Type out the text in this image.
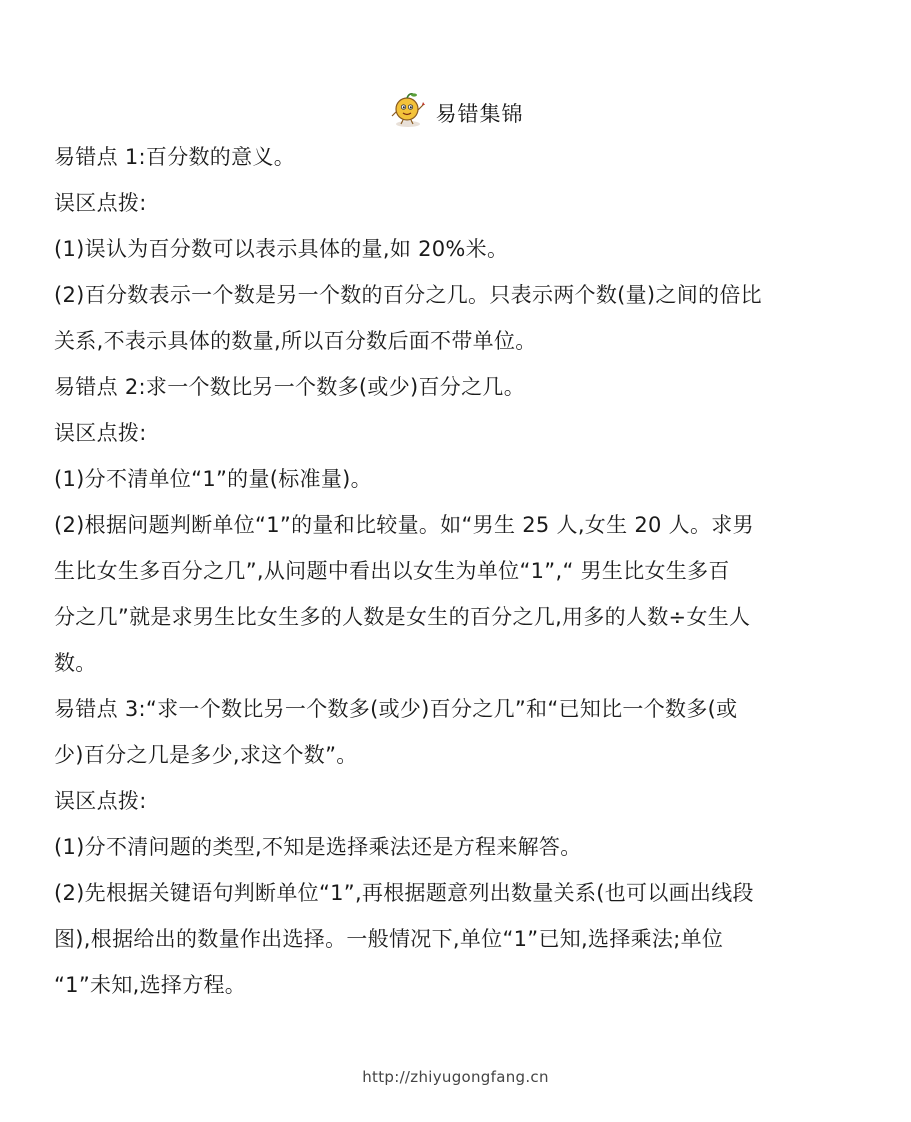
易错集锦
易错点 1:百分数的意义。
误区点拨:
(1)误认为百分数可以表示具体的量,如 20%米。
(2)百分数表示一个数是另一个数的百分之几。只表示两个数(量)之间的倍比
关系,不表示具体的数量,所以百分数后面不带单位。
易错点 2:求一个数比另一个数多(或少)百分之几。
误区点拨:
(1)分不清单位“1”的量(标准量)。
(2)根据问题判断单位“1”的量和比较量。如“男生 25 人,女生 20 人。求男
生比女生多百分之几”,从问题中看出以女生为单位“1”,“ 男生比女生多百
分之几”就是求男生比女生多的人数是女生的百分之几,用多的人数÷女生人
数。
易错点 3:“求一个数比另一个数多(或少)百分之几”和“已知比一个数多(或
少)百分之几是多少,求这个数”。
误区点拨:
(1)分不清问题的类型,不知是选择乘法还是方程来解答。
(2)先根据关键语句判断单位“1”,再根据题意列出数量关系(也可以画出线段
图),根据给出的数量作出选择。一般情况下,单位“1”已知,选择乘法;单位
“1”未知,选择方程。
http://zhiyugongfang.cn
